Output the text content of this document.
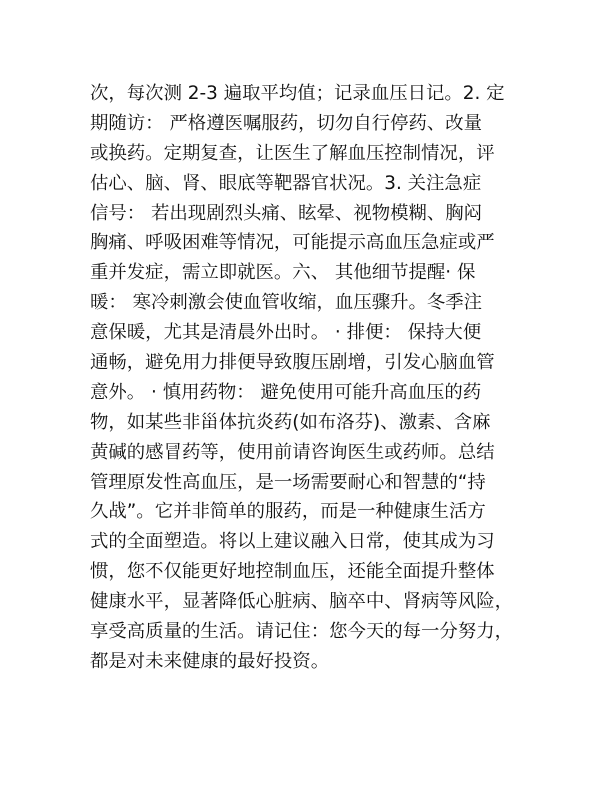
次，每次测 2-3 遍取平均值；记录血压日记。2. 定
期随访： 严格遵医嘱服药，切勿自行停药、改量
或换药。定期复查，让医生了解血压控制情况，评
估心、脑、肾、眼底等靶器官状况。3. 关注急症
信号： 若出现剧烈头痛、眩晕、视物模糊、胸闷
胸痛、呼吸困难等情况，可能提示高血压急症或严
重并发症，需立即就医。六、 其他细节提醒· 保
暖： 寒冷刺激会使血管收缩，血压骤升。冬季注
意保暖，尤其是清晨外出时。 · 排便： 保持大便
通畅，避免用力排便导致腹压剧增，引发心脑血管
意外。 · 慎用药物： 避免使用可能升高血压的药
物，如某些非甾体抗炎药(如布洛芬)、激素、含麻
黄碱的感冒药等，使用前请咨询医生或药师。总结
管理原发性高血压，是一场需要耐心和智慧的“持
久战”。它并非简单的服药，而是一种健康生活方
式的全面塑造。将以上建议融入日常，使其成为习
惯，您不仅能更好地控制血压，还能全面提升整体
健康水平，显著降低心脏病、脑卒中、肾病等风险，
享受高质量的生活。请记住：您今天的每一分努力，
都是对未来健康的最好投资。
